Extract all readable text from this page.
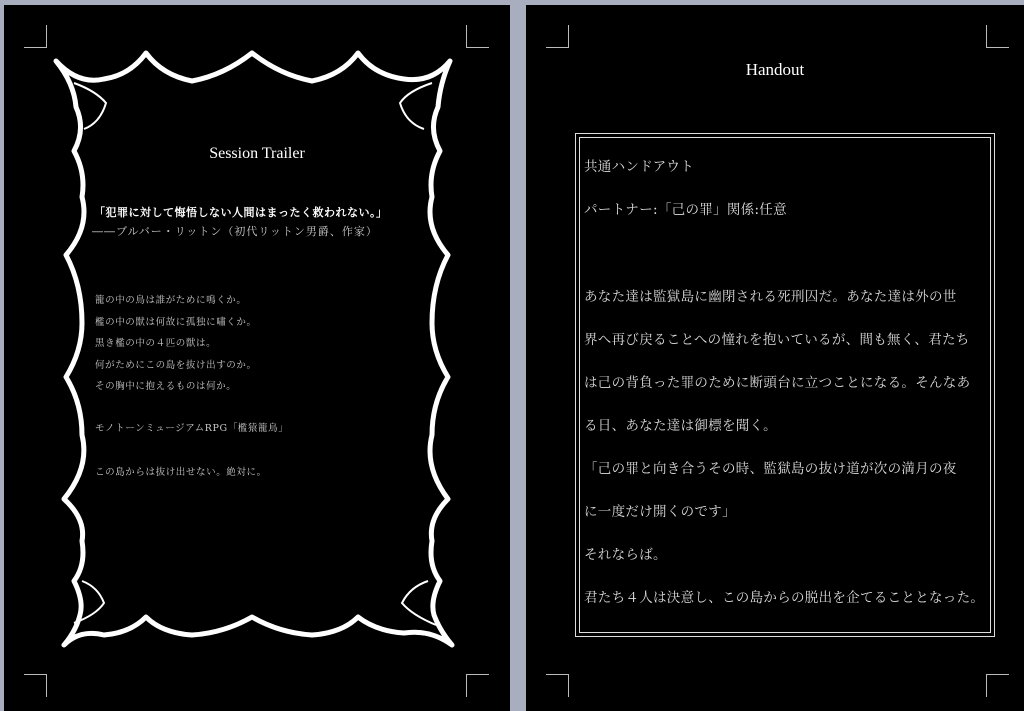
Session Trailer
「犯罪に対して悔悟しない人間はまったく救われない。」
――ブルバー・リットン（初代リットン男爵、作家）
籠の中の鳥は誰がために鳴くか。
檻の中の獣は何故に孤独に嘯くか。
黒き檻の中の４匹の獣は。
何がためにこの島を抜け出すのか。
その胸中に抱えるものは何か。
モノトーンミュージアムRPG「檻猿籠鳥」
この島からは抜け出せない。絶対に。
Handout
共通ハンドアウト
パートナー:「己の罪」関係:任意
あなた達は監獄島に幽閉される死刑囚だ。あなた達は外の世
界へ再び戻ることへの憧れを抱いているが、間も無く、君たち
は己の背負った罪のために断頭台に立つことになる。そんなあ
る日、あなた達は御標を聞く。
「己の罪と向き合うその時、監獄島の抜け道が次の満月の夜
に一度だけ開くのです」
それならば。
君たち４人は決意し、この島からの脱出を企てることとなった。
